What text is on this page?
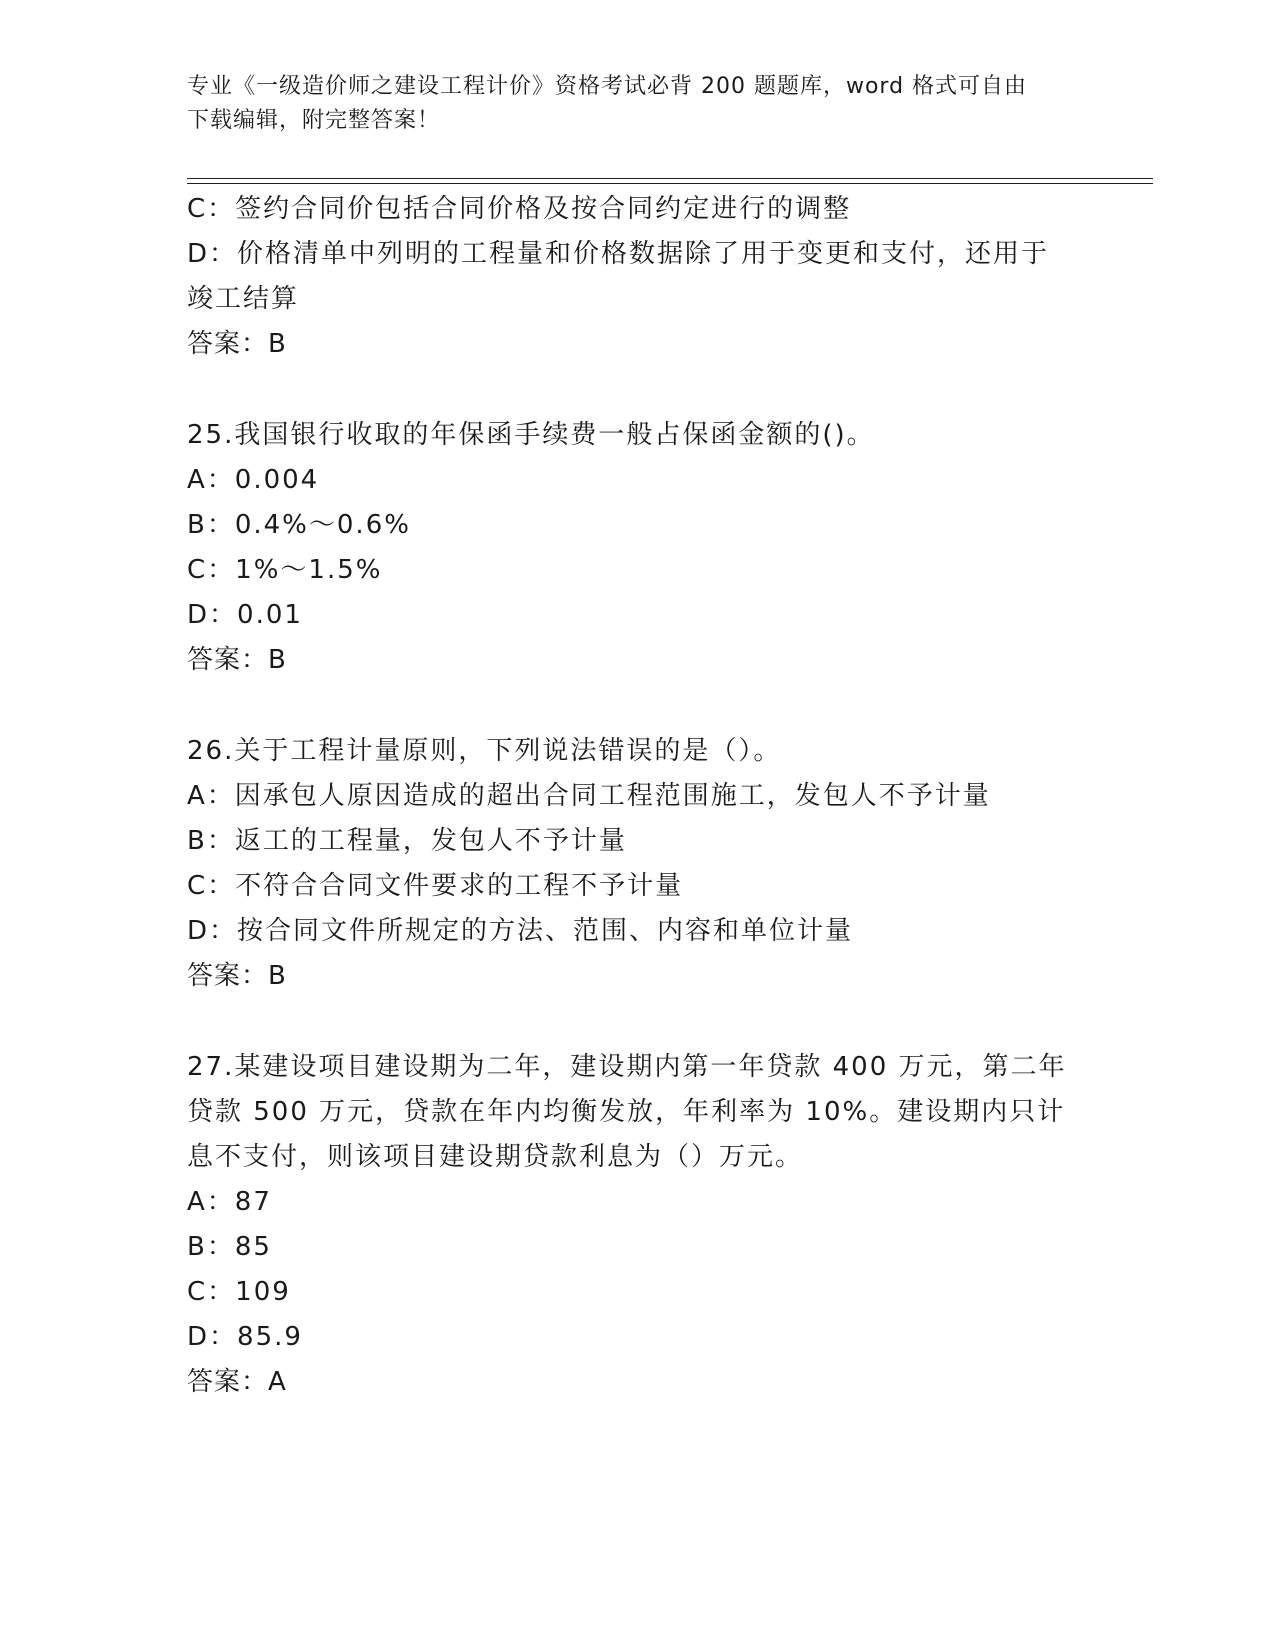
专业《一级造价师之建设工程计价》资格考试必背 200 题题库，word 格式可自由
下载编辑，附完整答案！
C：签约合同价包括合同价格及按合同约定进行的调整
D：价格清单中列明的工程量和价格数据除了用于变更和支付，还用于
竣工结算
答案：B
25.我国银行收取的年保函手续费一般占保函金额的()。
A：0.004
B：0.4%～0.6%
C：1%～1.5%
D：0.01
答案：B
26.关于工程计量原则，下列说法错误的是（）。
A：因承包人原因造成的超出合同工程范围施工，发包人不予计量
B：返工的工程量，发包人不予计量
C：不符合合同文件要求的工程不予计量
D：按合同文件所规定的方法、范围、内容和单位计量
答案：B
27.某建设项目建设期为二年，建设期内第一年贷款 400 万元，第二年
贷款 500 万元，贷款在年内均衡发放，年利率为 10%。建设期内只计
息不支付，则该项目建设期贷款利息为（）万元。
A：87
B：85
C：109
D：85.9
答案：A
